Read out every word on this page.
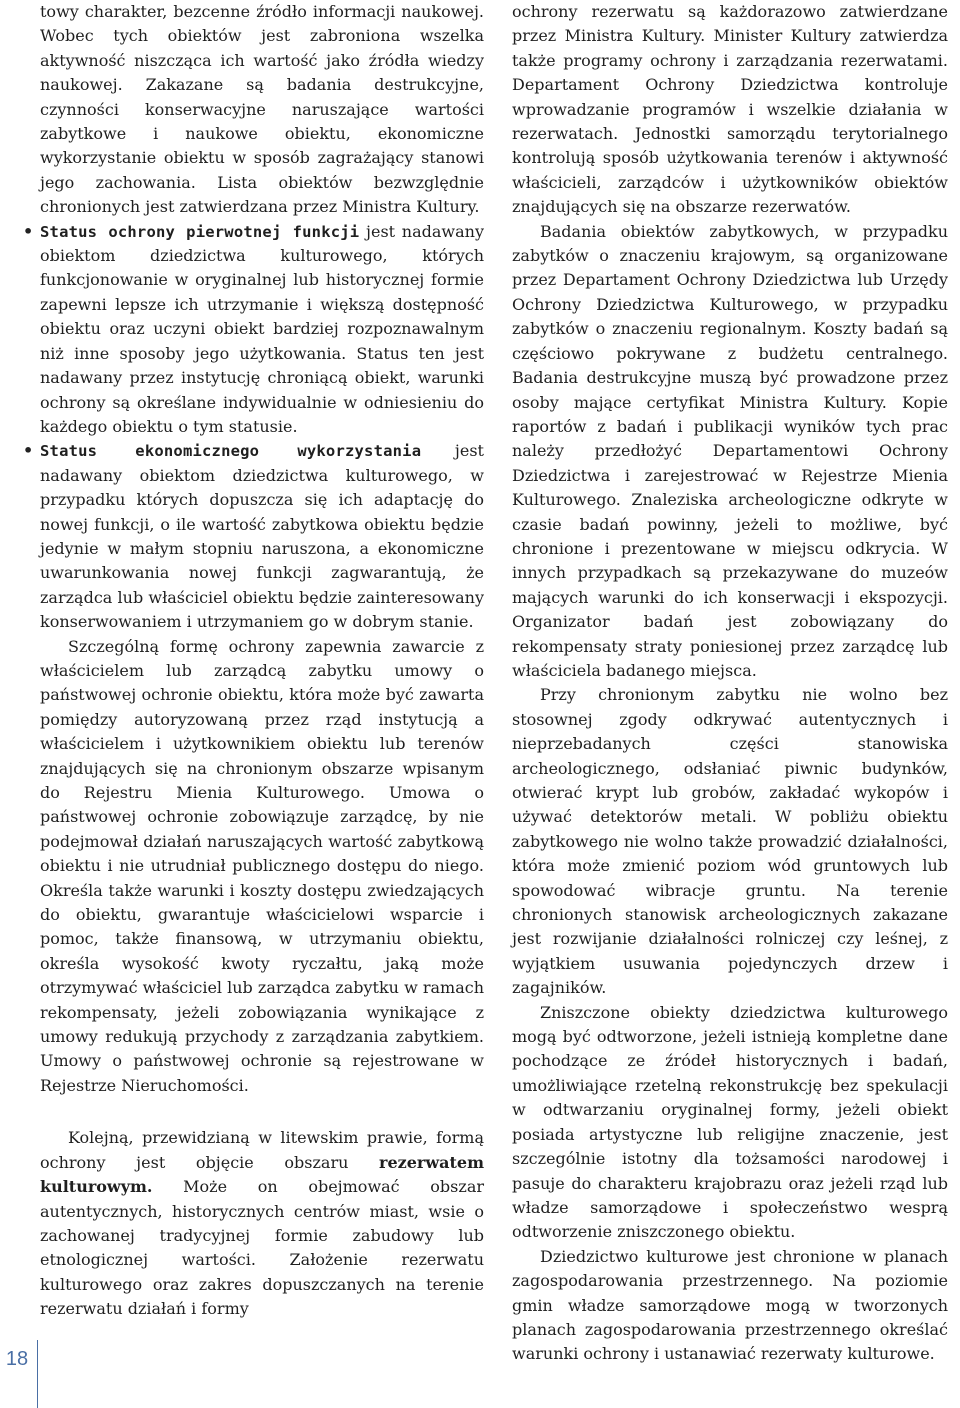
towy charakter, bezcenne źródło informacji naukowej. Wobec tych obiektów jest zabroniona wszelka aktywność niszcząca ich wartość jako źródła wiedzy naukowej. Zakazane są badania destrukcyjne, czynności konserwacyjne naruszające wartości zabytkowe i naukowe obiektu, ekonomiczne wykorzystanie obiektu w sposób zagrażający stanowi jego zachowania. Lista obiektów bezwzględnie chronionych jest zatwierdzana przez Ministra Kultury.

• Status ochrony pierwotnej funkcji jest nadawany obiektom dziedzictwa kulturowego, których funkcjonowanie w oryginalnej lub historycznej formie zapewni lepsze ich utrzymanie i większą dostępność obiektu oraz uczyni obiekt bardziej rozpoznawalnym niż inne sposoby jego użytkowania. Status ten jest nadawany przez instytucję chroniącą obiekt, warunki ochrony są określane indywidualnie w odniesieniu do każdego obiektu o tym statusie.
• Status ekonomicznego wykorzystania jest nadawany obiektom dziedzictwa kulturowego, w przypadku których dopuszcza się ich adaptację do nowej funkcji, o ile wartość zabytkowa obiektu będzie jedynie w małym stopniu naruszona, a ekonomiczne uwarunkowania nowej funkcji zagwarantują, że zarządca lub właściciel obiektu będzie zainteresowany konserwowaniem i utrzymaniem go w dobrym stanie.

Szczególną formę ochrony zapewnia zawarcie z właścicielem lub zarządcą zabytku umowy o państwowej ochronie obiektu, która może być zawarta pomiędzy autoryzowaną przez rząd instytucją a właścicielem i użytkownikiem obiektu lub terenów znajdujących się na chronionym obszarze wpisanym do Rejestru Mienia Kulturowego. Umowa o państwowej ochronie zobowiązuje zarządcę, by nie podejmował działań naruszających wartość zabytkową obiektu i nie utrudniał publicznego dostępu do niego. Określa także warunki i koszty dostępu zwiedzających do obiektu, gwarantuje właścicielowi wsparcie i pomoc, także finansową, w utrzymaniu obiektu, określa wysokość kwoty ryczałtu, jaką może otrzymywać właściciel lub zarządca zabytku w ramach rekompensaty, jeżeli zobowiązania wynikające z umowy redukują przychody z zarządzania zabytkiem. Umowy o państwowej ochronie są rejestrowane w Rejestrze Nieruchomości.

Kolejną, przewidzianą w litewskim prawie, formą ochrony jest objęcie obszaru rezerwatem kulturowym. Może on obejmować obszar autentycznych, historycznych centrów miast, wsie o zachowanej tradycyjnej formie zabudowy lub etnologicznej wartości. Założenie rezerwatu kulturowego oraz zakres dopuszczanych na terenie rezerwatu działań i formy

ochrony rezerwatu są każdorazowo zatwierdzane przez Ministra Kultury. Minister Kultury zatwierdza także programy ochrony i zarządzania rezerwatami. Departament Ochrony Dziedzictwa kontroluje wprowadzanie programów i wszelkie działania w rezerwatach. Jednostki samorządu terytorialnego kontrolują sposób użytkowania terenów i aktywność właścicieli, zarządców i użytkowników obiektów znajdujących się na obszarze rezerwatów.

Badania obiektów zabytkowych, w przypadku zabytków o znaczeniu krajowym, są organizowane przez Departament Ochrony Dziedzictwa lub Urzędy Ochrony Dziedzictwa Kulturowego, w przypadku zabytków o znaczeniu regionalnym. Koszty badań są częściowo pokrywane z budżetu centralnego. Badania destrukcyjne muszą być prowadzone przez osoby mające certyfikat Ministra Kultury. Kopie raportów z badań i publikacji wyników tych prac należy przedłożyć Departamentowi Ochrony Dziedzictwa i zarejestrować w Rejestrze Mienia Kulturowego. Znaleziska archeologiczne odkryte w czasie badań powinny, jeżeli to możliwe, być chronione i prezentowane w miejscu odkrycia. W innych przypadkach są przekazywane do muzeów mających warunki do ich konserwacji i ekspozycji. Organizator badań jest zobowiązany do rekompensaty straty poniesionej przez zarządcę lub właściciela badanego miejsca.

Przy chronionym zabytku nie wolno bez stosownej zgody odkrywać autentycznych i nieprzebadanych części stanowiska archeologicznego, odsłaniać piwnic budynków, otwierać krypt lub grobów, zakładać wykopów i używać detektorów metali. W pobliżu obiektu zabytkowego nie wolno także prowadzić działalności, która może zmienić poziom wód gruntowych lub spowodować wibracje gruntu. Na terenie chronionych stanowisk archeologicznych zakazane jest rozwijanie działalności rolniczej czy leśnej, z wyjątkiem usuwania pojedynczych drzew i zagajników.

Zniszczone obiekty dziedzictwa kulturowego mogą być odtworzone, jeżeli istnieją kompletne dane pochodzące ze źródeł historycznych i badań, umożliwiające rzetelną rekonstrukcję bez spekulacji w odtwarzaniu oryginalnej formy, jeżeli obiekt posiada artystyczne lub religijne znaczenie, jest szczególnie istotny dla tożsamości narodowej i pasuje do charakteru krajobrazu oraz jeżeli rząd lub władze samorządowe i społeczeństwo wesprą odtworzenie zniszczonego obiektu.

Dziedzictwo kulturowe jest chronione w planach zagospodarowania przestrzennego. Na poziomie gmin władze samorządowe mogą w tworzonych planach zagospodarowania przestrzennego określać warunki ochrony i ustanawiać rezerwaty kulturowe.

18
